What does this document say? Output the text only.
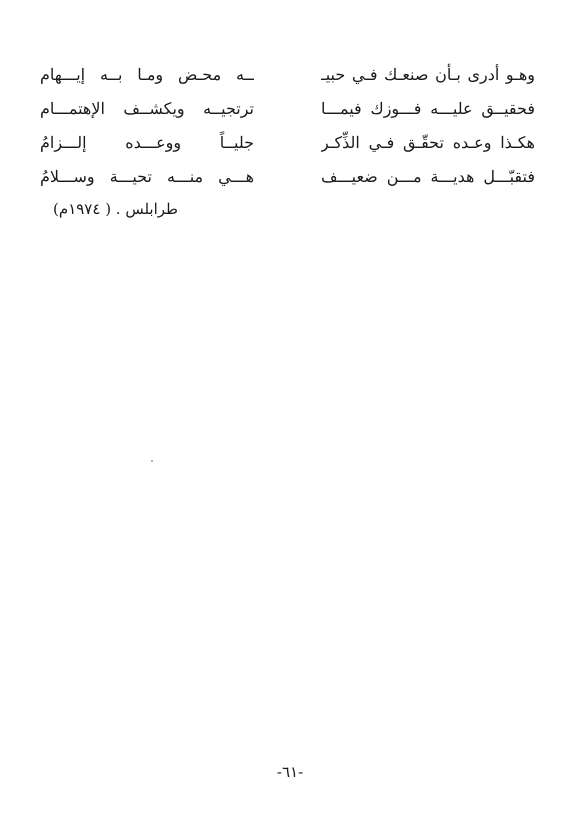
وهـو أدرى بـأن صنعـك فـي حبيـ
ــه محـض ومـا بــه إيـــهام
فحقيــق عليـــه فـــوزك فيمـــا
ترتجيــه ويكشــف الإهتمـــام
هكـذا وعـده تحقّـق فـي الذِّكـر
جليــاً ووعـــده إلـــزامُ
فتقبّـــل هديـــة مـــن ضعيـــف
هـــي منـــه تحيـــة وســـلامُ
طرابلس . ( ١٩٧٤م)
-٦١-
